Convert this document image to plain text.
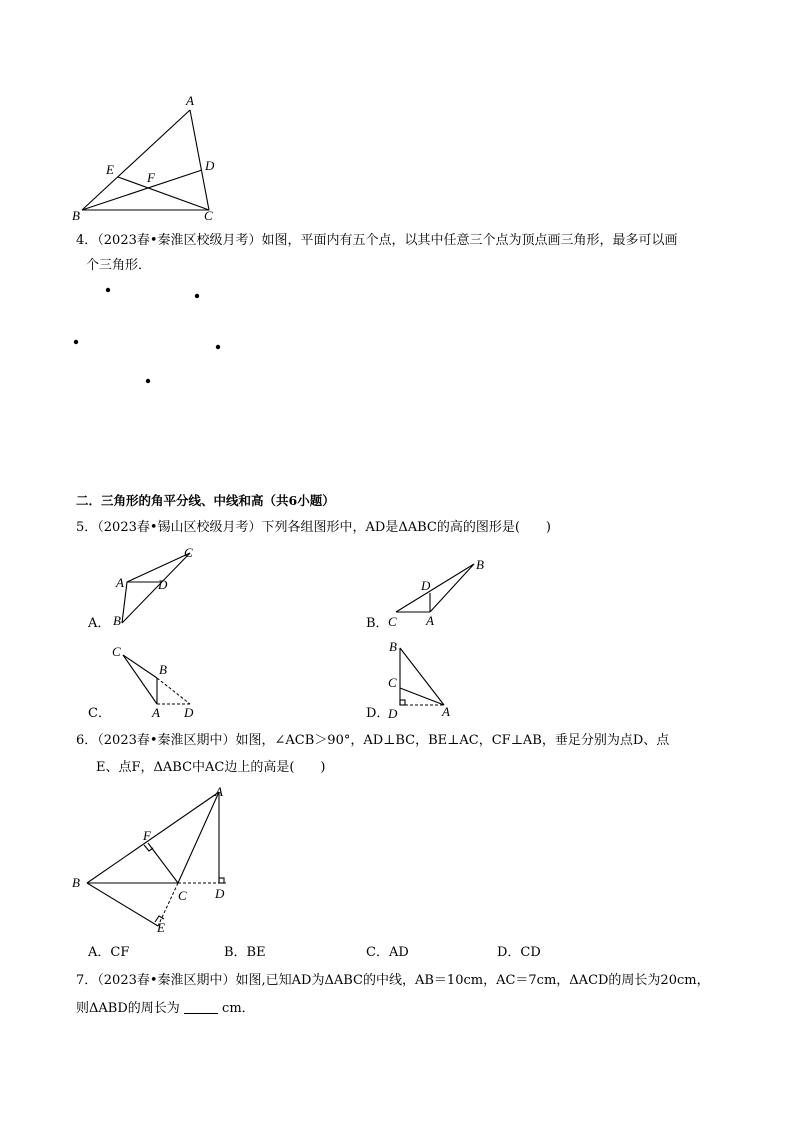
A
E	D
F
B	C
4．（2023春•秦淮区校级月考）如图，平面内有五个点，以其中任意三个点为顶点画三角形，最多可以画
个三角形．
二．三角形的角平分线、中线和高（共6小题）
5．（2023春•锡山区校级月考）下列各组图形中，AD是ΔABC的高的图形是(　　)
C
A	D
B
A．
D
B
C A
B．
C
B
A D
C．
B
C
D	A
D．
6．（2023春•秦淮区期中）如图，∠ACB＞90°，AD⊥BC，BE⊥AC，CF⊥AB，垂足分别为点D、点
E、点F，ΔABC中AC边上的高是(　　)
A
F
B
C D
E
A．CF	B．BE	C．AD	D．CD
7．（2023春•秦淮区期中）如图,已知AD为ΔABC的中线，AB＝10cm，AC＝7cm，ΔACD的周长为20cm，
则ΔABD的周长为	cm．
